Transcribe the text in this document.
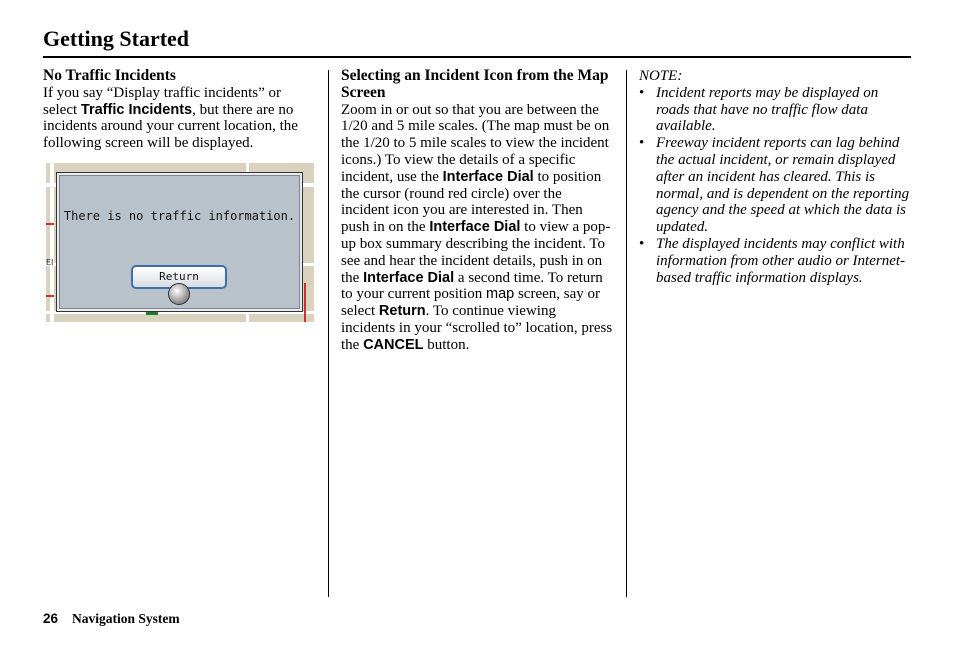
Getting Started

No Traffic Incidents

If you say “Display traffic incidents” or select Traffic Incidents, but there are no incidents around your current location, the following screen will be displayed.

EI
There is no traffic information.
Return

Selecting an Incident Icon from the Map Screen

Zoom in or out so that you are between the 1/20 and 5 mile scales. (The map must be on the 1/20 to 5 mile scales to view the incident icons.) To view the details of a specific incident, use the Interface Dial to position the cursor (round red circle) over the incident icon you are interested in. Then push in on the Interface Dial to view a pop-up box summary describing the incident. To see and hear the incident details, push in on the Interface Dial a second time. To return to your current position map screen, say or select Return. To continue viewing incidents in your “scrolled to” location, press the CANCEL button.

NOTE:

• Incident reports may be displayed on roads that have no traffic flow data available.

• Freeway incident reports can lag behind the actual incident, or remain displayed after an incident has cleared. This is normal, and is dependent on the reporting agency and the speed at which the data is updated.

• The displayed incidents may conflict with information from other audio or Internet-based traffic information displays.

26 Navigation System
